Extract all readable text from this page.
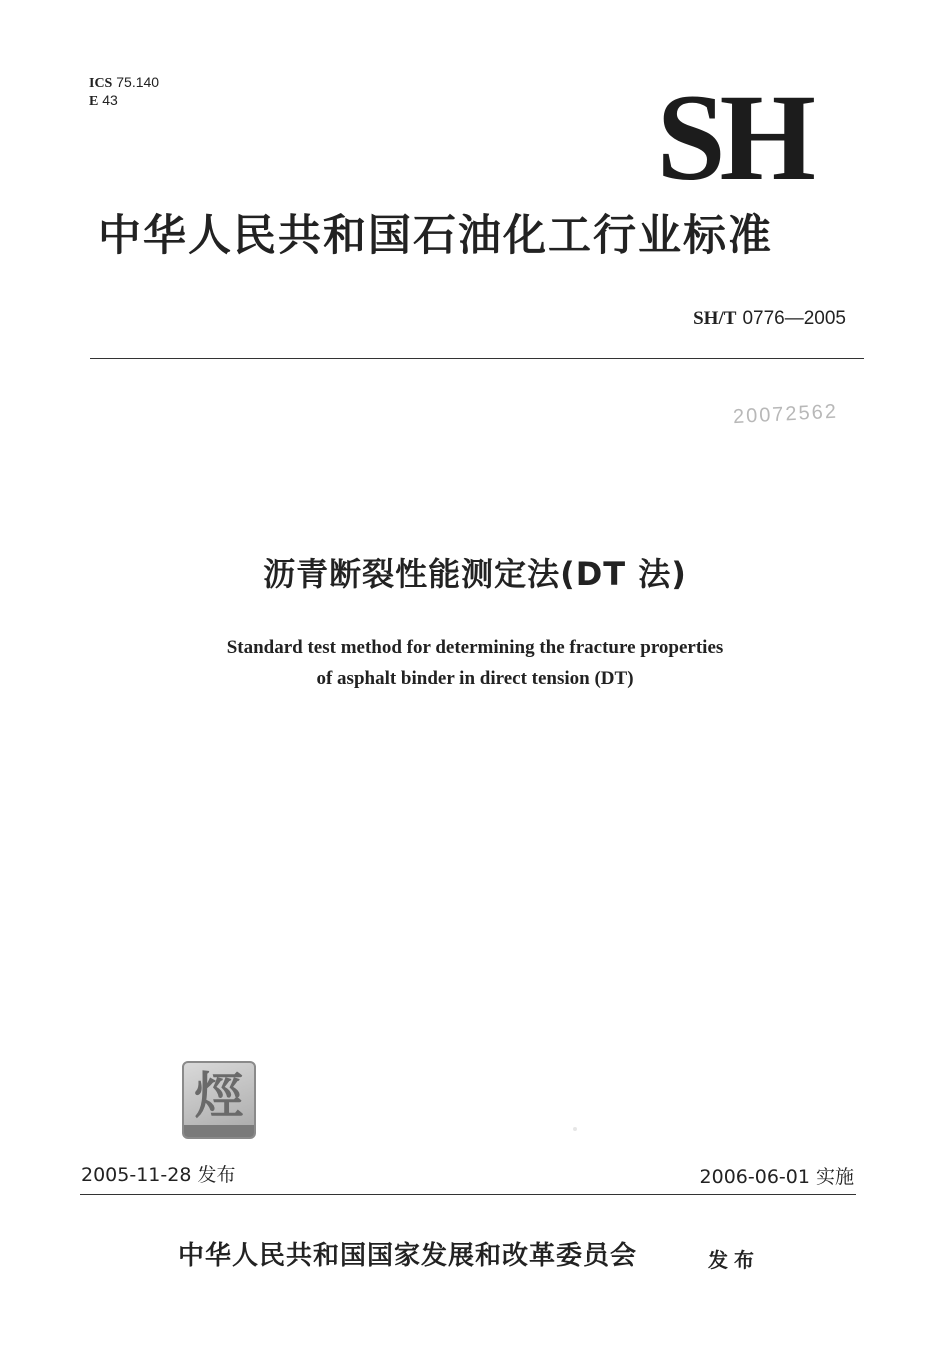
ICS 75.140
E 43	SH
中华人民共和国石油化工行业标准
SH/T 0776—2005
20072562
沥青断裂性能测定法(DT 法)
Standard test method for determining the fracture properties
of asphalt binder in direct tension (DT)
烴
2005-11-28 发布	2006-06-01 实施
中华人民共和国国家发展和改革委员会	发布
